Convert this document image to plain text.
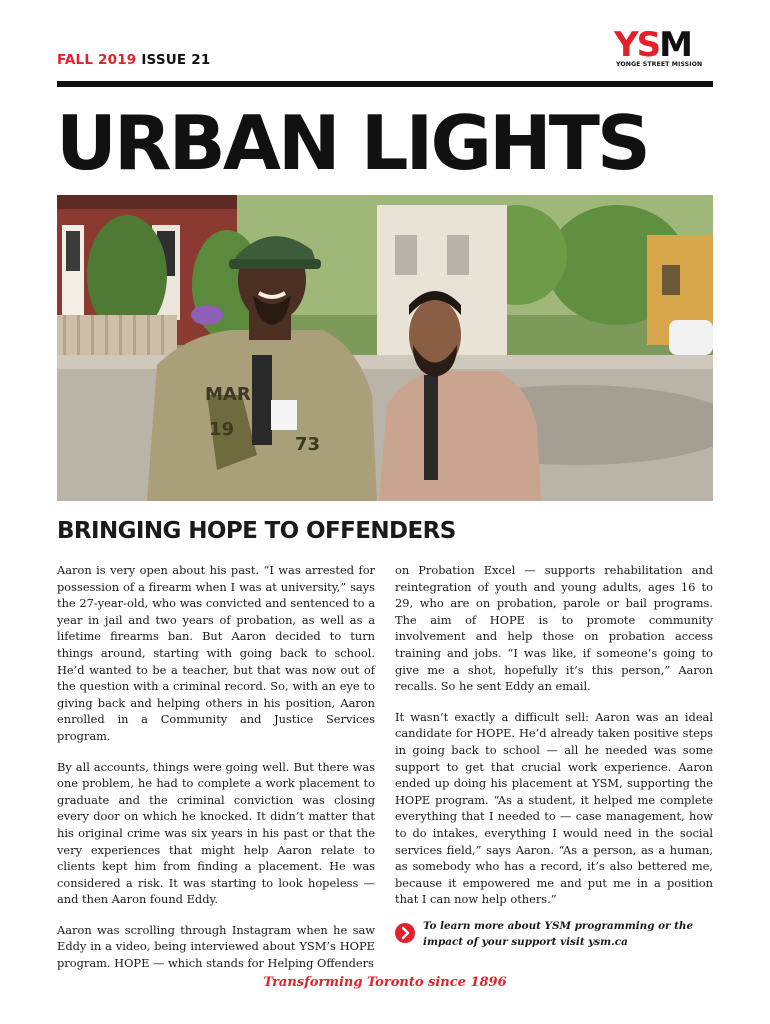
FALL 2019 ISSUE 21	YSM
YONGE STREET MISSION
URBAN LIGHTS
MAR
19
73
BRINGING HOPE TO OFFENDERS

Aaron is very open about his past. “I was arrested for possession of a firearm when I was at university,” says the 27-year-old, who was convicted and sentenced to a year in jail and two years of probation, as well as a lifetime firearms ban. But Aaron decided to turn things around, starting with going back to school. He’d wanted to be a teacher, but that was now out of the question with a criminal record. So, with an eye to giving back and helping others in his position, Aaron enrolled in a Community and Justice Services program.

By all accounts, things were going well. But there was one problem, he had to complete a work placement to graduate and the criminal conviction was closing every door on which he knocked. It didn’t matter that his original crime was six years in his past or that the very experiences that might help Aaron relate to clients kept him from finding a placement. He was considered a risk. It was starting to look hopeless — and then Aaron found Eddy.

Aaron was scrolling through Instagram when he saw Eddy in a video, being interviewed about YSM’s HOPE program. HOPE — which stands for Helping Offenders

on Probation Excel — supports rehabilitation and reintegration of youth and young adults, ages 16 to 29, who are on probation, parole or bail programs. The aim of HOPE is to promote community involvement and help those on probation access training and jobs. “I was like, if someone’s going to give me a shot, hopefully it’s this person,” Aaron recalls. So he sent Eddy an email.

It wasn’t exactly a difficult sell: Aaron was an ideal candidate for HOPE. He’d already taken positive steps in going back to school — all he needed was some support to get that crucial work experience. Aaron ended up doing his placement at YSM, supporting the HOPE program. “As a student, it helped me complete everything that I needed to — case management, how to do intakes, everything I would need in the social services field,” says Aaron. “As a person, as a human, as somebody who has a record, it’s also bettered me, because it empowered me and put me in a position that I can now help others.”

To learn more about YSM programming or the impact of your support visit ysm.ca
Transforming Toronto since 1896
